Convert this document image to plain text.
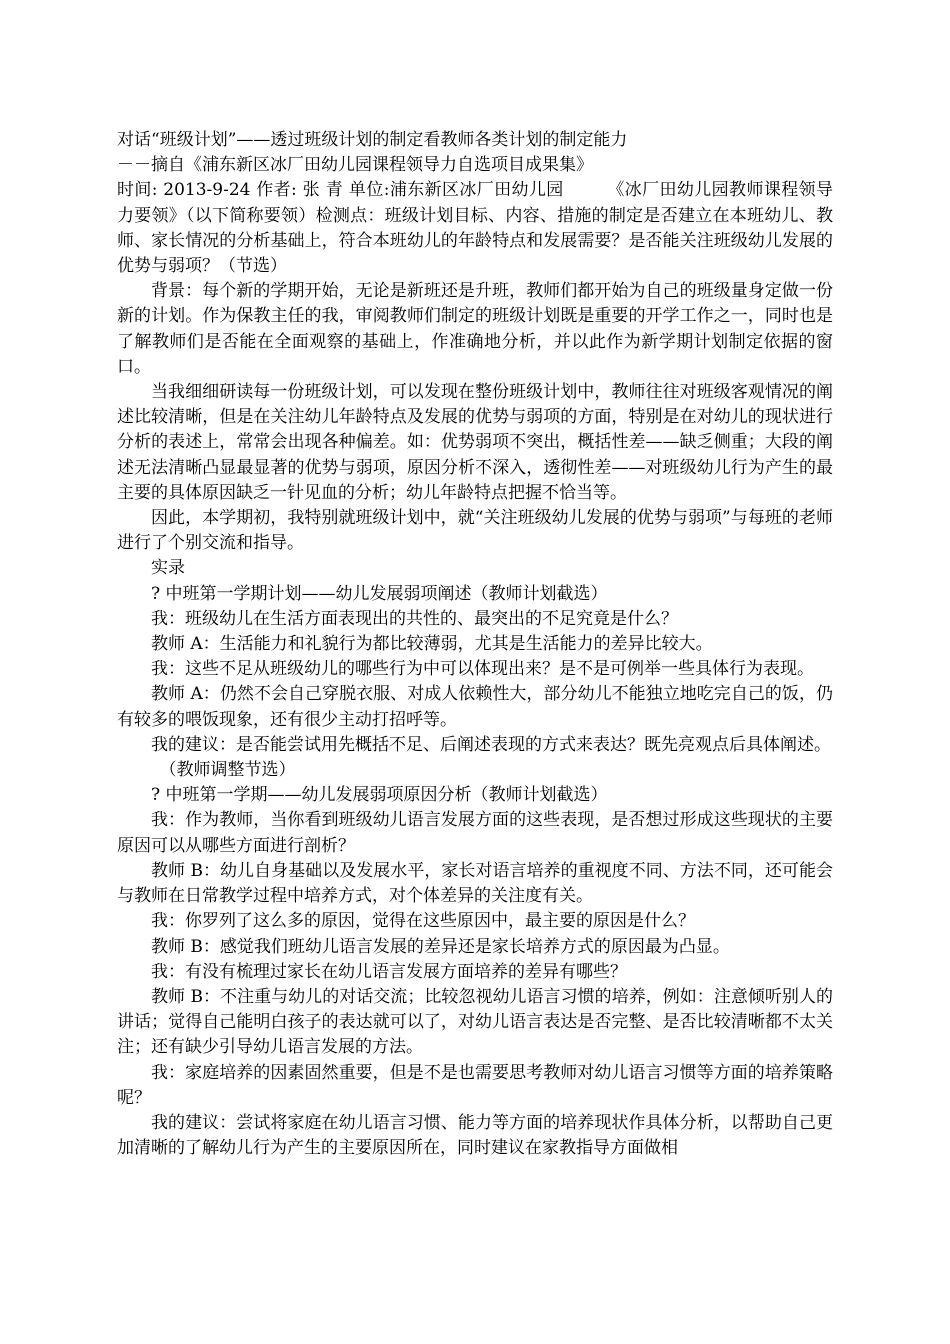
对话“班级计划”——透过班级计划的制定看教师各类计划的制定能力

－－摘自《浦东新区冰厂田幼儿园课程领导力自选项目成果集》

时间: 2013-9-24 作者: 张 青 单位:浦东新区冰厂田幼儿园　　　《冰厂田幼儿园教师课程领导力要领》（以下简称要领）检测点：班级计划目标、内容、措施的制定是否建立在本班幼儿、教师、家长情况的分析基础上，符合本班幼儿的年龄特点和发展需要？是否能关注班级幼儿发展的优势与弱项？（节选）

背景：每个新的学期开始，无论是新班还是升班，教师们都开始为自己的班级量身定做一份新的计划。作为保教主任的我，审阅教师们制定的班级计划既是重要的开学工作之一，同时也是了解教师们是否能在全面观察的基础上，作准确地分析，并以此作为新学期计划制定依据的窗口。

当我细细研读每一份班级计划，可以发现在整份班级计划中，教师往往对班级客观情况的阐述比较清晰，但是在关注幼儿年龄特点及发展的优势与弱项的方面，特别是在对幼儿的现状进行分析的表述上，常常会出现各种偏差。如：优势弱项不突出，概括性差——缺乏侧重；大段的阐述无法清晰凸显最显著的优势与弱项，原因分析不深入，透彻性差——对班级幼儿行为产生的最主要的具体原因缺乏一针见血的分析；幼儿年龄特点把握不恰当等。

因此，本学期初，我特别就班级计划中，就“关注班级幼儿发展的优势与弱项”与每班的老师进行了个别交流和指导。

实录

? 中班第一学期计划——幼儿发展弱项阐述（教师计划截选）

我：班级幼儿在生活方面表现出的共性的、最突出的不足究竟是什么？

教师 A：生活能力和礼貌行为都比较薄弱，尤其是生活能力的差异比较大。

我：这些不足从班级幼儿的哪些行为中可以体现出来？是不是可例举一些具体行为表现。

教师 A：仍然不会自己穿脱衣服、对成人依赖性大，部分幼儿不能独立地吃完自己的饭，仍有较多的喂饭现象，还有很少主动打招呼等。

我的建议：是否能尝试用先概括不足、后阐述表现的方式来表达？既先亮观点后具体阐述。

（教师调整节选）

? 中班第一学期——幼儿发展弱项原因分析（教师计划截选）

我：作为教师，当你看到班级幼儿语言发展方面的这些表现，是否想过形成这些现状的主要原因可以从哪些方面进行剖析？

教师 B：幼儿自身基础以及发展水平，家长对语言培养的重视度不同、方法不同，还可能会与教师在日常教学过程中培养方式，对个体差异的关注度有关。

我：你罗列了这么多的原因，觉得在这些原因中，最主要的原因是什么？

教师 B：感觉我们班幼儿语言发展的差异还是家长培养方式的原因最为凸显。

我：有没有梳理过家长在幼儿语言发展方面培养的差异有哪些？

教师 B：不注重与幼儿的对话交流；比较忽视幼儿语言习惯的培养，例如：注意倾听别人的讲话；觉得自己能明白孩子的表达就可以了，对幼儿语言表达是否完整、是否比较清晰都不太关注；还有缺少引导幼儿语言发展的方法。

我：家庭培养的因素固然重要，但是不是也需要思考教师对幼儿语言习惯等方面的培养策略呢？

我的建议：尝试将家庭在幼儿语言习惯、能力等方面的培养现状作具体分析，以帮助自己更加清晰的了解幼儿行为产生的主要原因所在，同时建议在家教指导方面做相
